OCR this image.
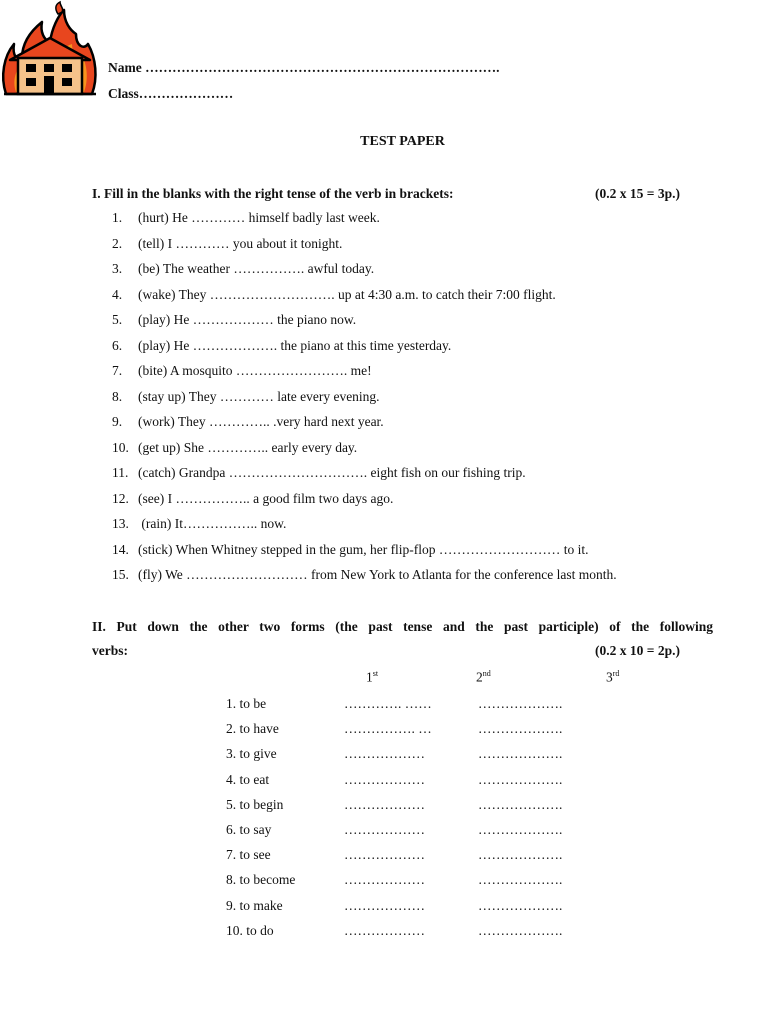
Name …………………………………………………………………….
Class…………………
TEST PAPER
I. Fill in the blanks with the right tense of the verb in brackets:	(0.2 x 15 = 3p.)
1. (hurt) He ………… himself badly last week.
2. (tell) I ………… you about it tonight.
3. (be) The weather ……………. awful today.
4. (wake) They ………………………. up at 4:30 a.m. to catch their 7:00 flight.
5. (play) He ……………… the piano now.
6. (play) He ………………. the piano at this time yesterday.
7. (bite) A mosquito ……………………. me!
8. (stay up) They ………… late every evening.
9. (work) They ………….. .very hard next year.
10. (get up) She ………….. early every day.
11. (catch) Grandpa …………………………. eight fish on our fishing trip.
12. (see) I …………….. a good film two days ago.
13. (rain) It…………….. now.
14. (stick) When Whitney stepped in the gum, her flip-flop ……………………… to it.
15. (fly) We ……………………… from New York to Atlanta for the conference last month.
II. Put down the other two forms (the past tense and the past participle) of the following
verbs:	(0.2 x 10 = 2p.)
1st	2nd	3rd
1. to be	…………. ……	……………….
2. to have	……………. …	……………….
3. to give	………………	……………….
4. to eat	………………	……………….
5. to begin	………………	……………….
6. to say	………………	……………….
7. to see	………………	……………….
8. to become	………………	……………….
9. to make	………………	……………….
10. to do	………………	……………….
